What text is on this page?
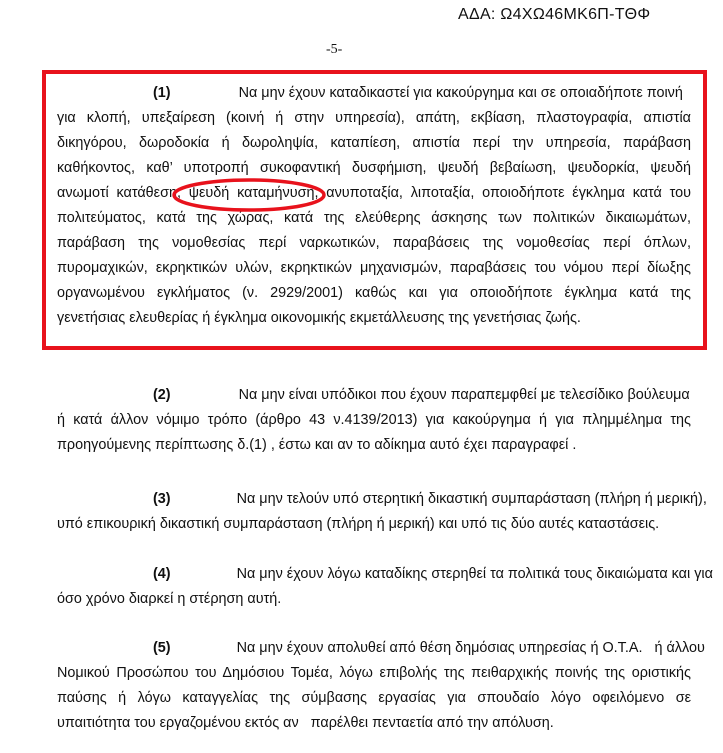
ΑΔΑ: Ω4ΧΩ46ΜΚ6Π-ΤΘΦ
-5-
(1)	Να μην έχουν καταδικαστεί για κακούργημα και σε οποιαδήποτε ποινή
για κλοπή, υπεξαίρεση (κοινή ή στην υπηρεσία), απάτη, εκβίαση, πλαστογραφία, απιστία
δικηγόρου, δωροδοκία ή δωροληψία, καταπίεση, απιστία περί την υπηρεσία, παράβαση
καθήκοντος, καθ’ υποτροπή συκοφαντική δυσφήμιση, ψευδή βεβαίωση, ψευδορκία, ψευδή
ανωμοτί κατάθεση, ψευδή καταμήνυση, ανυποταξία, λιποταξία, οποιοδήποτε έγκλημα κατά του
πολιτεύματος, κατά της χώρας, κατά της ελεύθερης άσκησης των πολιτικών δικαιωμάτων,
παράβαση της νομοθεσίας περί ναρκωτικών, παραβάσεις της νομοθεσίας περί όπλων,
πυρομαχικών, εκρηκτικών υλών, εκρηκτικών μηχανισμών, παραβάσεις του νόμου περί δίωξης
οργανωμένου εγκλήματος (ν. 2929/2001) καθώς και για οποιοδήποτε έγκλημα κατά της
γενετήσιας ελευθερίας ή έγκλημα οικονομικής εκμετάλλευσης της γενετήσιας ζωής.
(2)	Να μην είναι υπόδικοι που έχουν παραπεμφθεί με τελεσίδικο βούλευμα
ή κατά άλλον νόμιμο τρόπο (άρθρο 43 ν.4139/2013) για κακούργημα ή για πλημμέλημα της
προηγούμενης περίπτωσης δ.(1) , έστω και αν το αδίκημα αυτό έχει παραγραφεί .
(3)	Να μην τελούν υπό στερητική δικαστική συμπαράσταση (πλήρη ή μερική),
υπό επικουρική δικαστική συμπαράσταση (πλήρη ή μερική) και υπό τις δύο αυτές καταστάσεις.
(4)	Να μην έχουν λόγω καταδίκης στερηθεί τα πολιτικά τους δικαιώματα και για
όσο χρόνο διαρκεί η στέρηση αυτή.
(5)	Να μην έχουν απολυθεί από θέση δημόσιας υπηρεσίας ή Ο.Τ.Α.   ή άλλου
Νομικού Προσώπου του Δημόσιου Τομέα, λόγω επιβολής της πειθαρχικής ποινής της οριστικής
παύσης ή λόγω καταγγελίας της σύμβασης εργασίας για σπουδαίο λόγο οφειλόμενο σε
υπαιτιότητα του εργαζομένου εκτός αν   παρέλθει πενταετία από την απόλυση.
